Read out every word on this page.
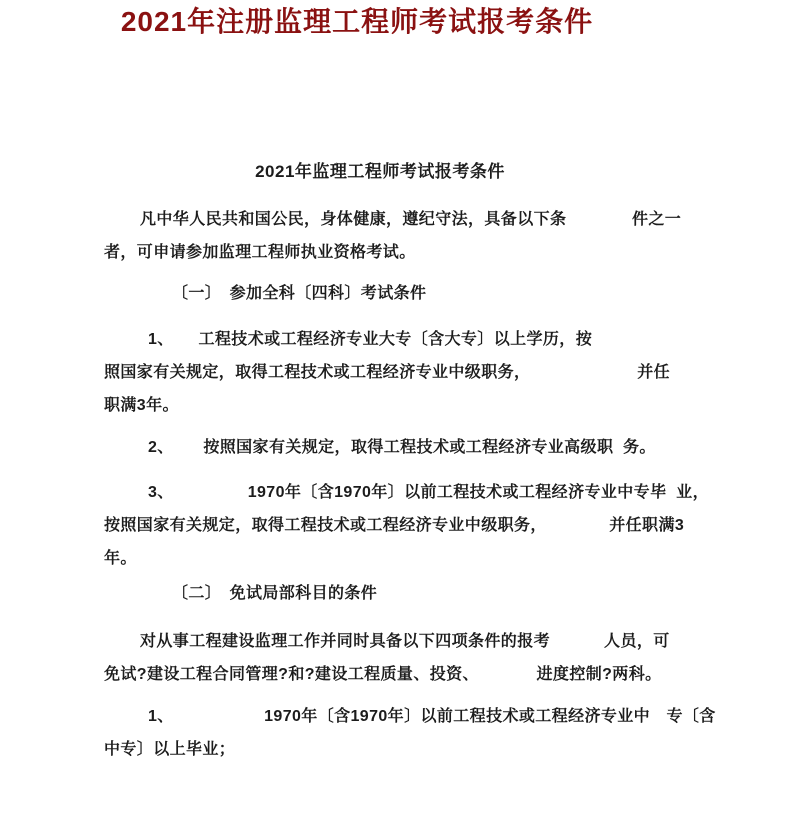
2021年注册监理工程师考试报考条件
2021年监理工程师考试报考条件
凡中华人民共和国公民，身体健康，遵纪守法，具备以下条　　　　件之一
者，可申请参加监理工程师执业资格考试。
〔一〕　参加全科〔四科〕考试条件
1、　　工程技术或工程经济专业大专〔含大专〕以上学历，按
照国家有关规定，取得工程技术或工程经济专业中级职务，　　　　　　　并任
职满3年。
2、　　 按照国家有关规定，取得工程技术或工程经济专业高级职  务。
3、　　　　　1970年〔含1970年〕以前工程技术或工程经济专业中专毕  业，
按照国家有关规定，取得工程技术或工程经济专业中级职务，　　　　 并任职满3
年。
〔二〕　免试局部科目的条件
对从事工程建设监理工作并同时具备以下四项条件的报考　　　 人员，可
免试?建设工程合同管理?和?建设工程质量、投资、　　　　进度控制?两科。
1、　　　　　　1970年〔含1970年〕以前工程技术或工程经济专业中　专〔含
中专〕以上毕业；
